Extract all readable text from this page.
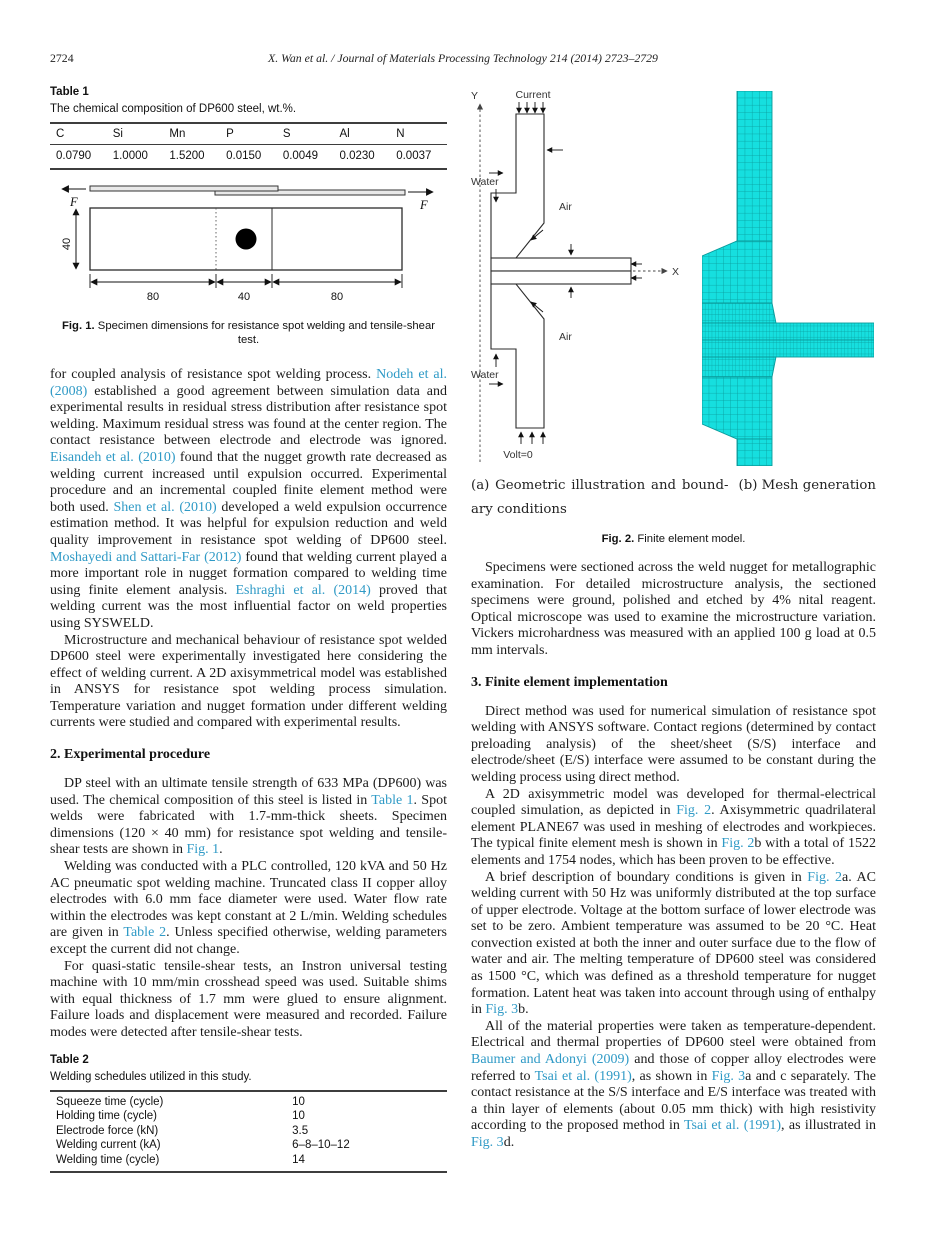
2724	X. Wan et al. / Journal of Materials Processing Technology 214 (2014) 2723–2729

Table 1

The chemical composition of DP600 steel, wt.%.

C	Si	Mn	P	S	Al	N
0.0790	1.0000	1.5200	0.0150	0.0049	0.0230	0.0037
F	F
40
80	40	80
Fig. 1. Specimen dimensions for resistance spot welding and tensile-shear test.

for coupled analysis of resistance spot welding process. Nodeh et al. (2008) established a good agreement between simulation data and experimental results in residual stress distribution after resistance spot welding. Maximum residual stress was found at the center region. The contact resistance between electrode and electrode was ignored. Eisandeh et al. (2010) found that the nugget growth rate decreased as welding current increased until expulsion occurred. Experimental procedure and an incremental coupled finite element method were both used. Shen et al. (2010) developed a weld expulsion occurrence estimation method. It was helpful for expulsion reduction and weld quality improvement in resistance spot welding of DP600 steel. Moshayedi and Sattari-Far (2012) found that welding current played a more important role in nugget formation compared to welding time using finite element analysis. Eshraghi et al. (2014) proved that welding current was the most influential factor on weld properties using SYSWELD.

Microstructure and mechanical behaviour of resistance spot welded DP600 steel were experimentally investigated here considering the effect of welding current. A 2D axisymmetrical model was established in ANSYS for resistance spot welding process simulation. Temperature variation and nugget formation under different welding currents were studied and compared with experimental results.

2. Experimental procedure

DP steel with an ultimate tensile strength of 633 MPa (DP600) was used. The chemical composition of this steel is listed in Table 1. Spot welds were fabricated with 1.7-mm-thick sheets. Specimen dimensions (120 × 40 mm) for resistance spot welding and tensile-shear tests are shown in Fig. 1.

Welding was conducted with a PLC controlled, 120 kVA and 50 Hz AC pneumatic spot welding machine. Truncated class II copper alloy electrodes with 6.0 mm face diameter were used. Water flow rate within the electrodes was kept constant at 2 L/min. Welding schedules are given in Table 2. Unless specified otherwise, welding parameters except the current did not change.

For quasi-static tensile-shear tests, an Instron universal testing machine with 10 mm/min crosshead speed was used. Suitable shims with equal thickness of 1.7 mm were glued to ensure alignment. Failure loads and displacement were measured and recorded. Failure modes were detected after tensile-shear tests.

Table 2

Welding schedules utilized in this study.

Squeeze time (cycle)	10
Holding time (cycle)	10
Electrode force (kN)	3.5
Welding current (kA)	6–8–10–12
Welding time (cycle)	14
Y	Current
Water
Air
X
Air
Water
Volt=0
(a) Geometric illustration and bound-
ary conditions
(b) Mesh generation
Fig. 2. Finite element model.

Specimens were sectioned across the weld nugget for metallographic examination. For detailed microstructure analysis, the sectioned specimens were ground, polished and etched by 4% nital reagent. Optical microscope was used to examine the microstructure variation. Vickers microhardness was measured with an applied 100 g load at 0.5 mm intervals.

3. Finite element implementation

Direct method was used for numerical simulation of resistance spot welding with ANSYS software. Contact regions (determined by contact preloading analysis) of the sheet/sheet (S/S) interface and electrode/sheet (E/S) interface were assumed to be constant during the welding process using direct method.

A 2D axisymmetric model was developed for thermal-electrical coupled simulation, as depicted in Fig. 2. Axisymmetric quadrilateral element PLANE67 was used in meshing of electrodes and workpieces. The typical finite element mesh is shown in Fig. 2b with a total of 1522 elements and 1754 nodes, which has been proven to be effective.

A brief description of boundary conditions is given in Fig. 2a. AC welding current with 50 Hz was uniformly distributed at the top surface of upper electrode. Voltage at the bottom surface of lower electrode was set to be zero. Ambient temperature was assumed to be 20 °C. Heat convection existed at both the inner and outer surface due to the flow of water and air. The melting temperature of DP600 steel was considered as 1500 °C, which was defined as a threshold temperature for nugget formation. Latent heat was taken into account through using of enthalpy in Fig. 3b.

All of the material properties were taken as temperature-dependent. Electrical and thermal properties of DP600 steel were obtained from Baumer and Adonyi (2009) and those of copper alloy electrodes were referred to Tsai et al. (1991), as shown in Fig. 3a and c separately. The contact resistance at the S/S interface and E/S interface was treated with a thin layer of elements (about 0.05 mm thick) with high resistivity according to the proposed method in Tsai et al. (1991), as illustrated in Fig. 3d.
